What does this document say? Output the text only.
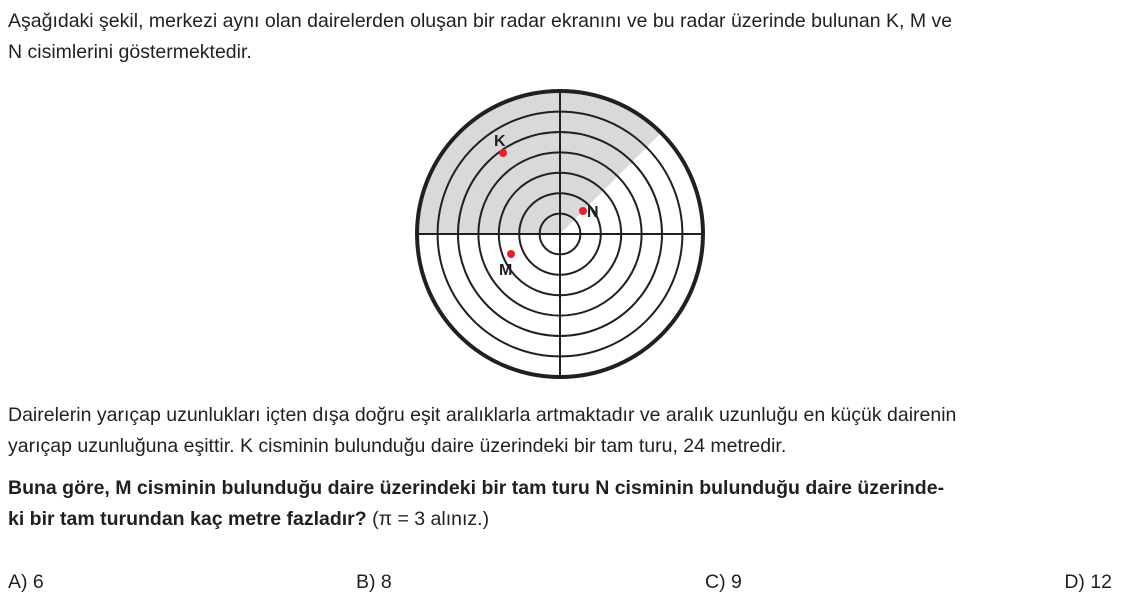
Aşağıdaki şekil, merkezi aynı olan dairelerden oluşan bir radar ekranını ve bu radar üzerinde bulunan K, M ve
N cisimlerini göstermektedir.

K
N
M

Dairelerin yarıçap uzunlukları içten dışa doğru eşit aralıklarla artmaktadır ve aralık uzunluğu en küçük dairenin
yarıçap uzunluğuna eşittir. K cisminin bulunduğu daire üzerindeki bir tam turu, 24 metredir.

Buna göre, M cisminin bulunduğu daire üzerindeki bir tam turu N cisminin bulunduğu daire üzerinde-
ki bir tam turundan kaç metre fazladır? (π = 3 alınız.)

A) 6	B) 8	C) 9	D) 12
